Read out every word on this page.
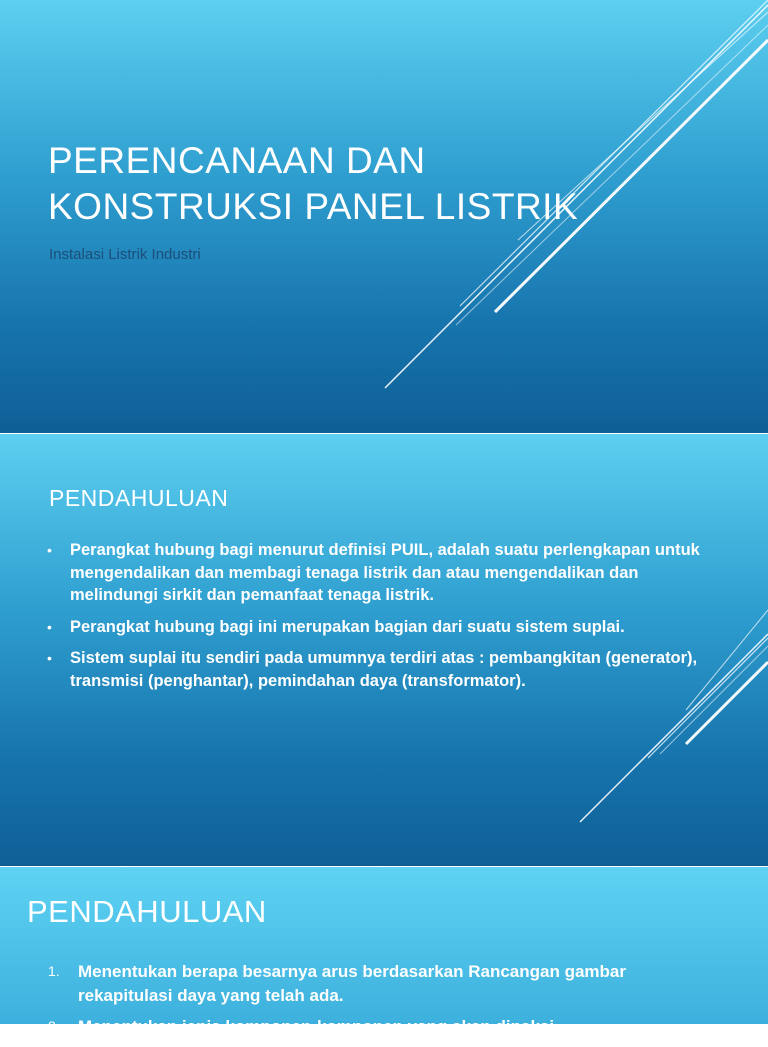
PERENCANAAN DAN
KONSTRUKSI PANEL LISTRIK

Instalasi Listrik Industri

PENDAHULUAN
• Perangkat hubung bagi menurut definisi PUIL, adalah suatu perlengkapan untuk mengendalikan dan membagi tenaga listrik dan atau mengendalikan dan melindungi sirkit dan pemanfaat tenaga listrik.
• Perangkat hubung bagi ini merupakan bagian dari suatu sistem suplai.
• Sistem suplai itu sendiri pada umumnya terdiri atas : pembangkitan (generator), transmisi (penghantar), pemindahan daya (transformator).
PENDAHULUAN
1. Menentukan berapa besarnya arus berdasarkan Rancangan gambar rekapitulasi daya yang telah ada.
2. Menentukan jenis komponen-komponen yang akan dipakai
